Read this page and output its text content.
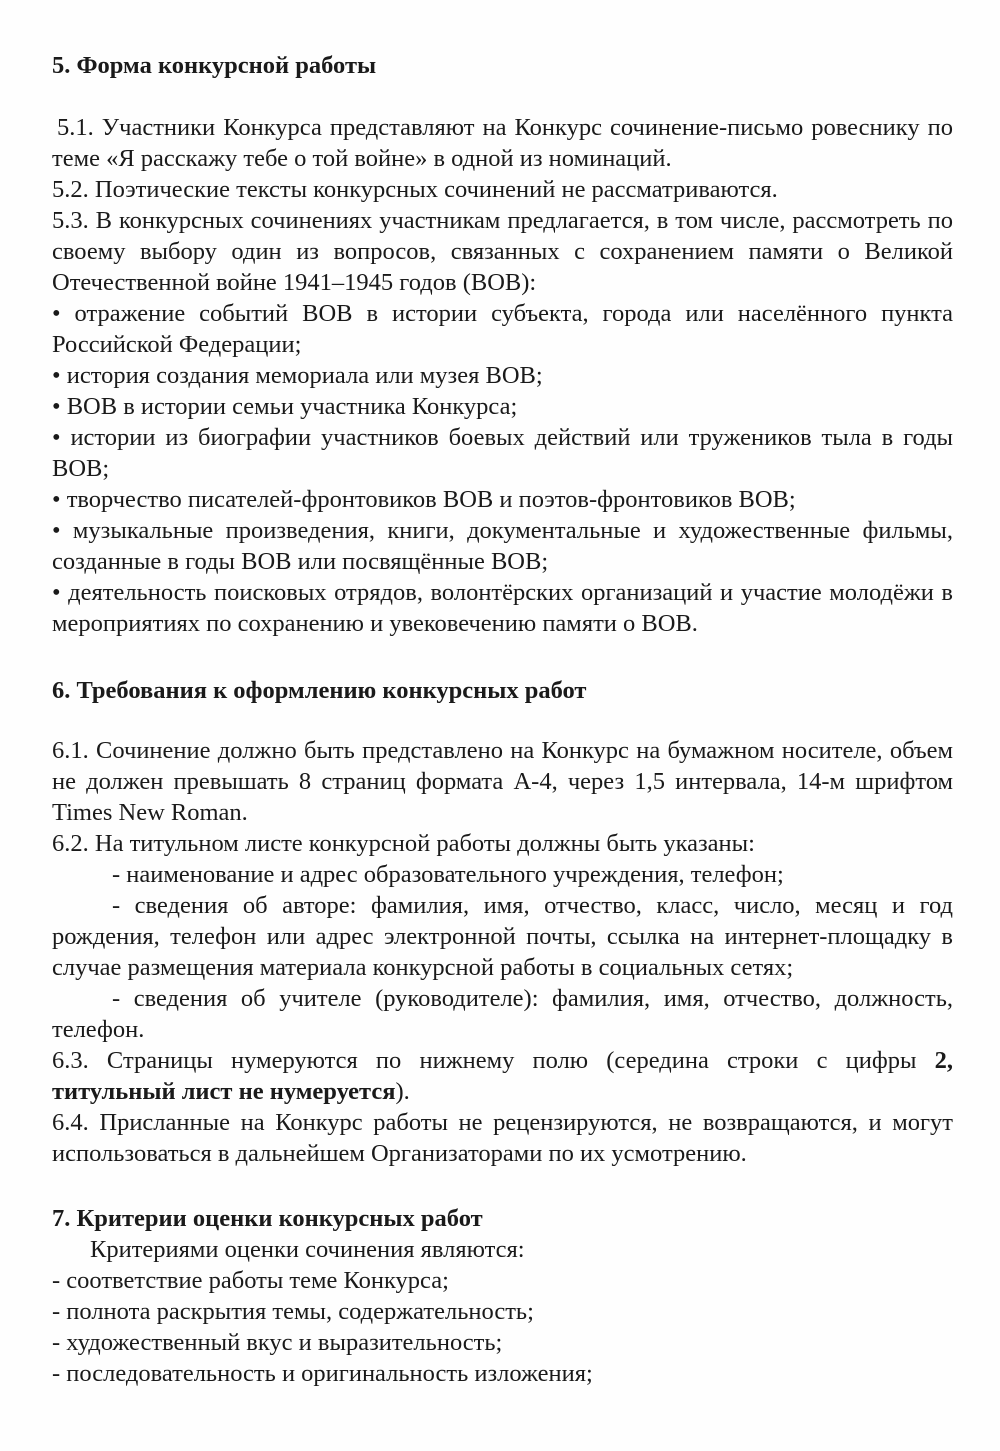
5. Форма конкурсной работы

5.1. Участники Конкурса представляют на Конкурс сочинение-письмо ровеснику по теме «Я расскажу тебе о той войне» в одной из номинаций.

5.2. Поэтические тексты конкурсных сочинений не рассматриваются.

5.3. В конкурсных сочинениях участникам предлагается, в том числе, рассмотреть по своему выбору один из вопросов, связанных с сохранением памяти о Великой Отечественной войне 1941–1945 годов (ВОВ):

• отражение событий ВОВ в истории субъекта, города или населённого пункта Российской Федерации;

• история создания мемориала или музея ВОВ;

• ВОВ в истории семьи участника Конкурса;

• истории из биографии участников боевых действий или тружеников тыла в годы ВОВ;

• творчество писателей-фронтовиков ВОВ и поэтов-фронтовиков ВОВ;

• музыкальные произведения, книги, документальные и художественные фильмы, созданные в годы ВОВ или посвящённые ВОВ;

• деятельность поисковых отрядов, волонтёрских организаций и участие молодёжи в мероприятиях по сохранению и увековечению памяти о ВОВ.

6. Требования к оформлению конкурсных работ

6.1. Сочинение должно быть представлено на Конкурс на бумажном носителе, объем не должен превышать 8 страниц формата А-4, через 1,5 интервала, 14-м шрифтом Times New Roman.

6.2. На титульном листе конкурсной работы должны быть указаны:

- наименование и адрес образовательного учреждения, телефон;

- сведения об авторе: фамилия, имя, отчество, класс, число, месяц и год рождения, телефон или адрес электронной почты, ссылка на интернет-площадку в случае размещения материала конкурсной работы в социальных сетях;

- сведения об учителе (руководителе): фамилия, имя, отчество, должность, телефон.

6.3. Страницы нумеруются по нижнему полю (середина строки с цифры 2, титульный лист не нумеруется).

6.4. Присланные на Конкурс работы не рецензируются, не возвращаются, и могут использоваться в дальнейшем Организаторами по их усмотрению.

7. Критерии оценки конкурсных работ

Критериями оценки сочинения являются:

- соответствие работы теме Конкурса;

- полнота раскрытия темы, содержательность;

- художественный вкус и выразительность;

- последовательность и оригинальность изложения;
